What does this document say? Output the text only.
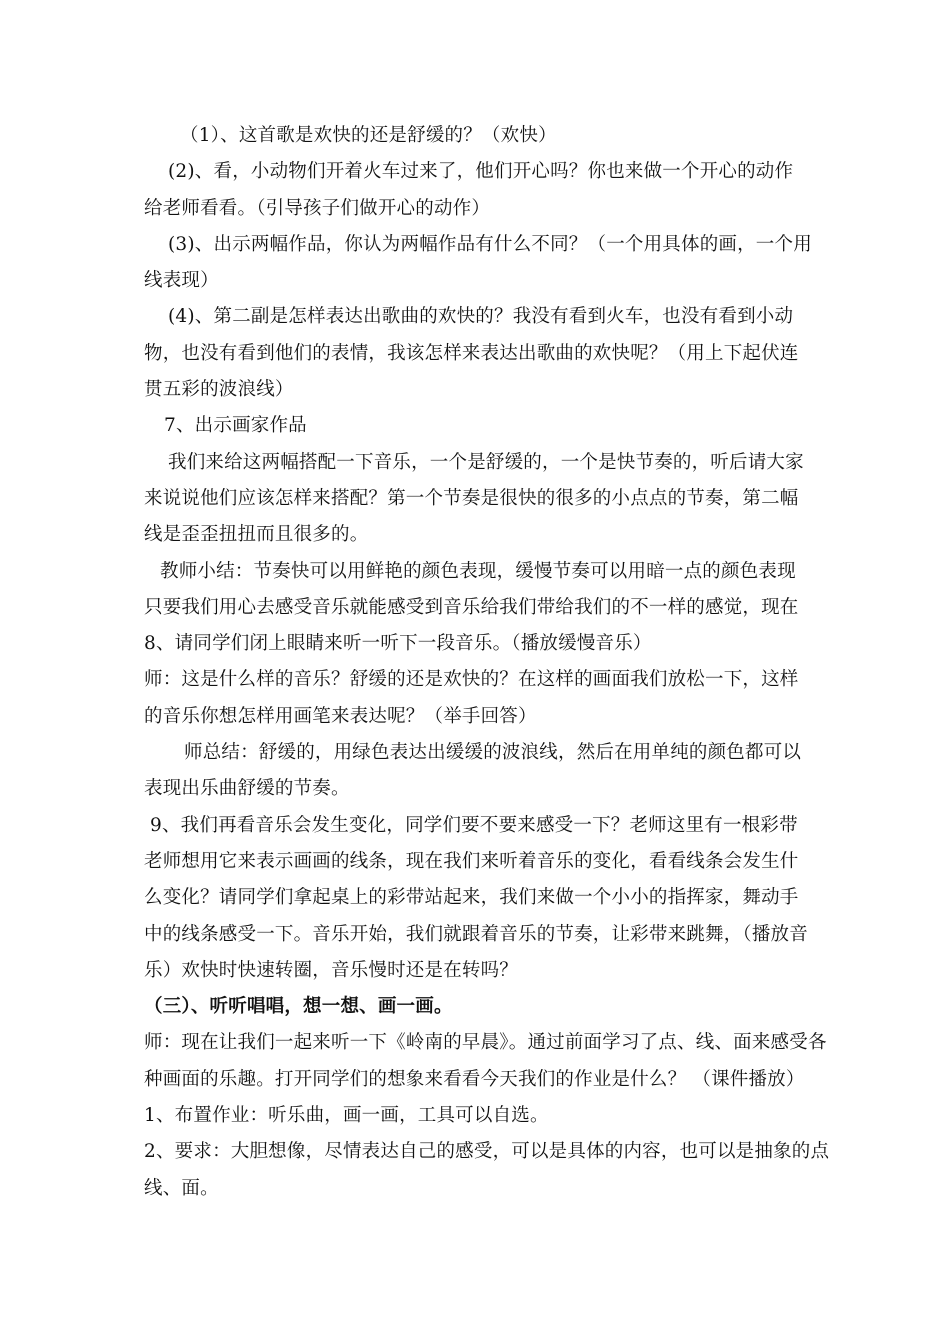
（1）、这首歌是欢快的还是舒缓的？（欢快）
(2)、看，小动物们开着火车过来了，他们开心吗？你也来做一个开心的动作
给老师看看。（引导孩子们做开心的动作）
(3)、出示两幅作品，你认为两幅作品有什么不同？（一个用具体的画，一个用
线表现）
(4)、第二副是怎样表达出歌曲的欢快的？我没有看到火车，也没有看到小动
物，也没有看到他们的表情，我该怎样来表达出歌曲的欢快呢？（用上下起伏连
贯五彩的波浪线）
7、出示画家作品
我们来给这两幅搭配一下音乐，一个是舒缓的，一个是快节奏的，听后请大家
来说说他们应该怎样来搭配？第一个节奏是很快的很多的小点点的节奏，第二幅
线是歪歪扭扭而且很多的。
教师小结：节奏快可以用鲜艳的颜色表现，缓慢节奏可以用暗一点的颜色表现
只要我们用心去感受音乐就能感受到音乐给我们带给我们的不一样的感觉，现在
8、请同学们闭上眼睛来听一听下一段音乐。（播放缓慢音乐）
师：这是什么样的音乐？舒缓的还是欢快的？在这样的画面我们放松一下，这样
的音乐你想怎样用画笔来表达呢？（举手回答）
师总结：舒缓的，用绿色表达出缓缓的波浪线，然后在用单纯的颜色都可以
表现出乐曲舒缓的节奏。
9、我们再看音乐会发生变化，同学们要不要来感受一下？老师这里有一根彩带
老师想用它来表示画画的线条，现在我们来听着音乐的变化，看看线条会发生什
么变化？请同学们拿起桌上的彩带站起来，我们来做一个小小的指挥家，舞动手
中的线条感受一下。音乐开始，我们就跟着音乐的节奏，让彩带来跳舞，（播放音
乐）欢快时快速转圈，音乐慢时还是在转吗？
（三）、听听唱唱，想一想、画一画。
师：现在让我们一起来听一下《岭南的早晨》。通过前面学习了点、线、面来感受各
种画面的乐趣。打开同学们的想象来看看今天我们的作业是什么？ （课件播放）
1、布置作业：听乐曲，画一画，工具可以自选。
2、要求：大胆想像，尽情表达自己的感受，可以是具体的内容，也可以是抽象的点
线、面。
